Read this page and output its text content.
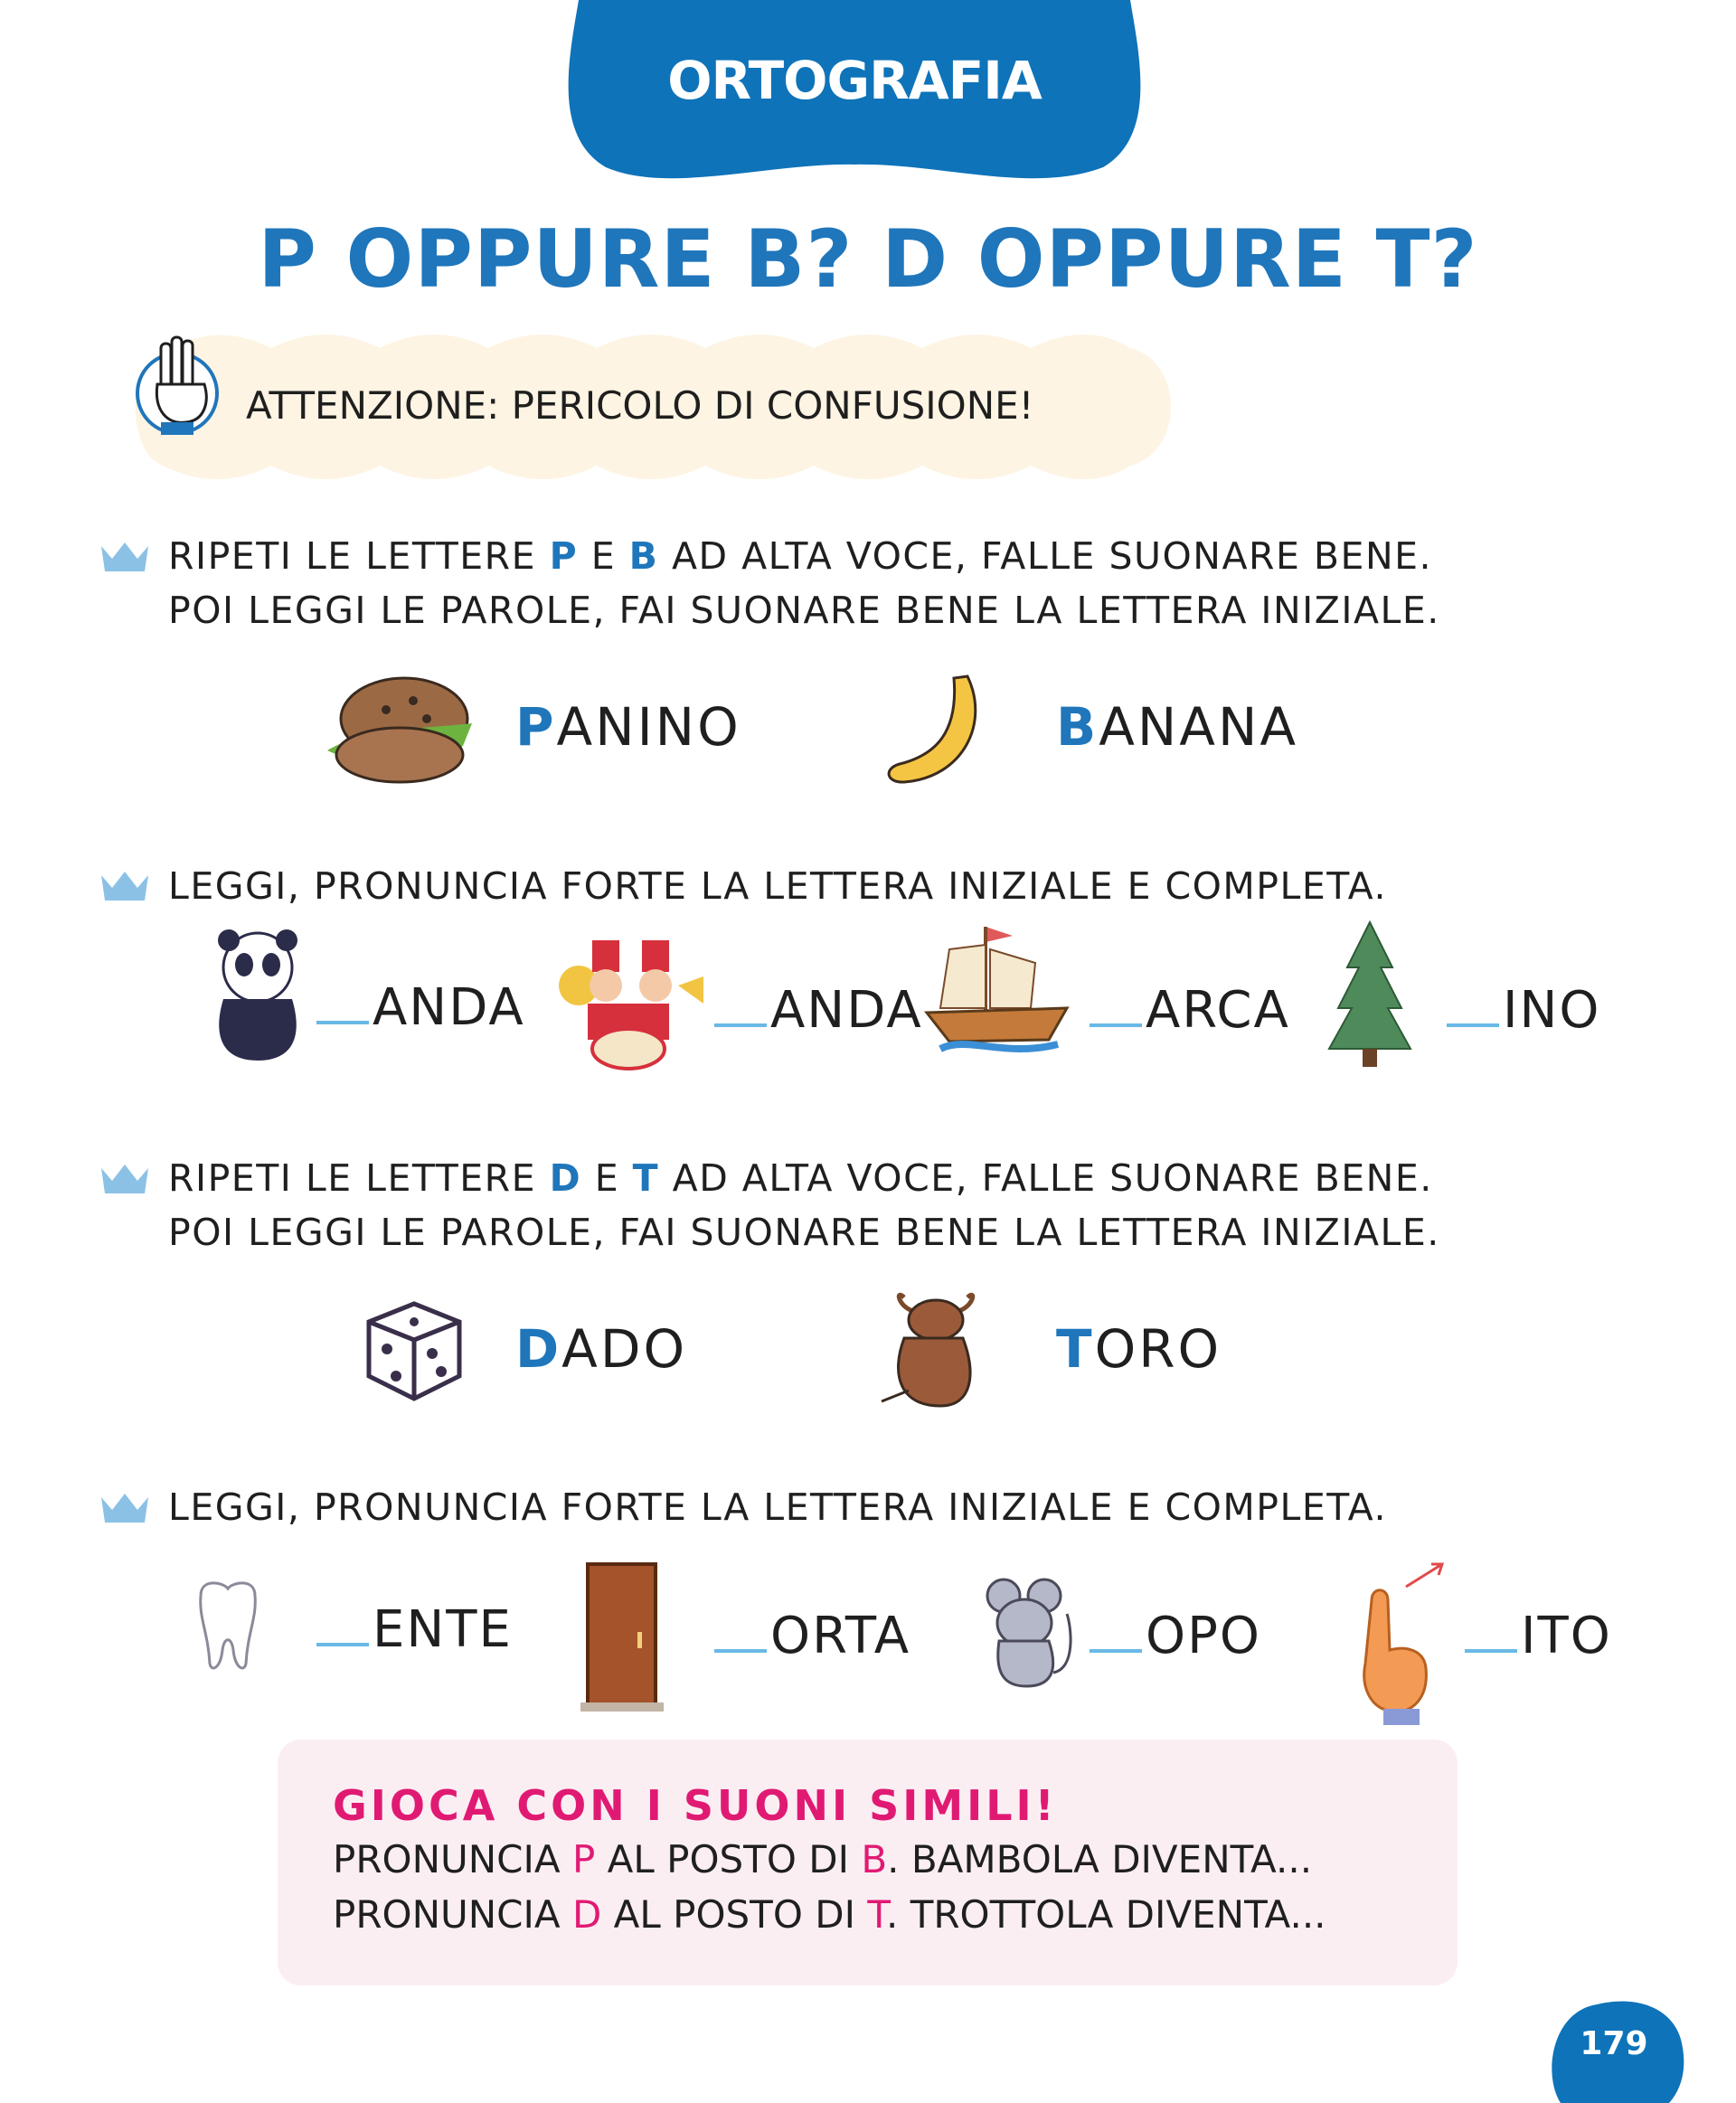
ORTOGRAFIA
P OPPURE B? D OPPURE T?
ATTENZIONE: PERICOLO DI CONFUSIONE!
RIPETI LE LETTERE P E B AD ALTA VOCE, FALLE SUONARE BENE.
POI LEGGI LE PAROLE, FAI SUONARE BENE LA LETTERA INIZIALE.
PANINO	BANANA
LEGGI, PRONUNCIA FORTE LA LETTERA INIZIALE E COMPLETA.
ANDA	ANDA	ARCA	INO
RIPETI LE LETTERE D E T AD ALTA VOCE, FALLE SUONARE BENE.
POI LEGGI LE PAROLE, FAI SUONARE BENE LA LETTERA INIZIALE.
DADO	TORO
LEGGI, PRONUNCIA FORTE LA LETTERA INIZIALE E COMPLETA.
ENTE	ORTA	OPO	ITO
GIOCA CON I SUONI SIMILI!
PRONUNCIA P AL POSTO DI B. BAMBOLA DIVENTA...
PRONUNCIA D AL POSTO DI T. TROTTOLA DIVENTA...
179
